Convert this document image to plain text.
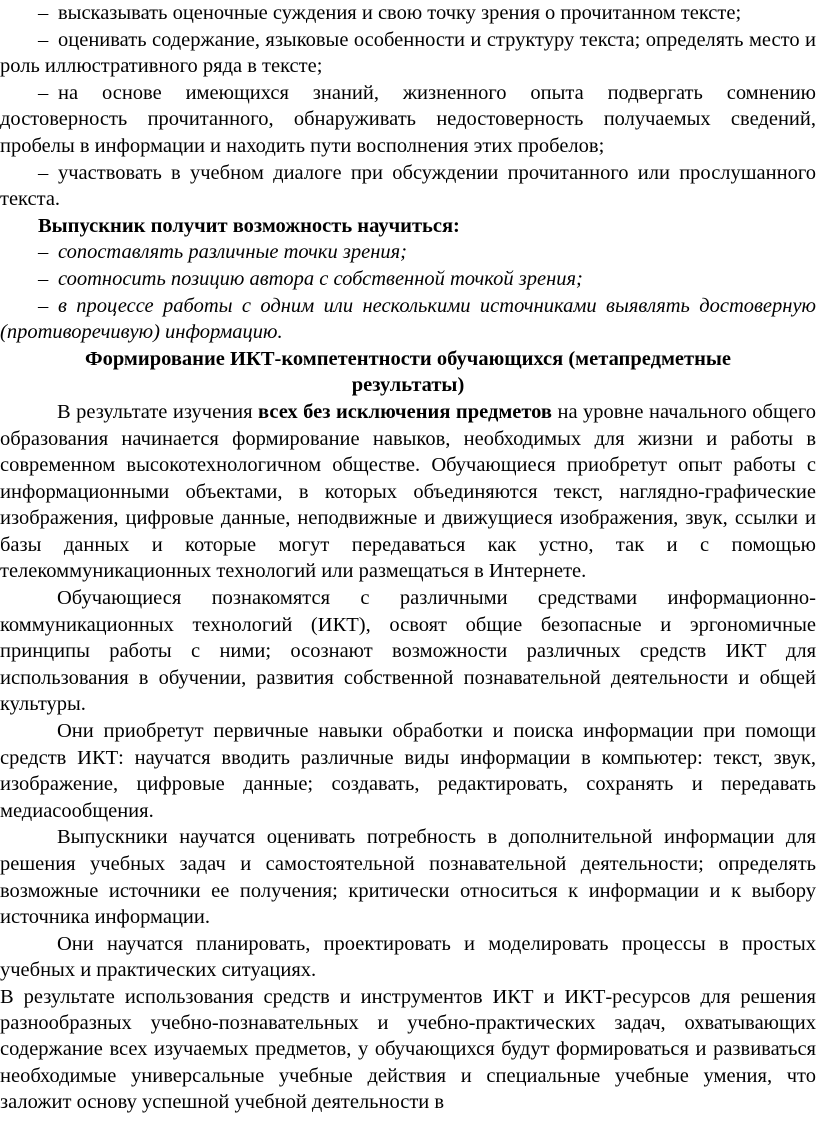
– высказывать оценочные суждения и свою точку зрения о прочитанном тексте;

– оценивать содержание, языковые особенности и структуру текста; определять место и роль иллюстративного ряда в тексте;

– на основе имеющихся знаний, жизненного опыта подвергать сомнению достоверность прочитанного, обнаруживать недостоверность получаемых сведений, пробелы в информации и находить пути восполнения этих пробелов;

– участвовать в учебном диалоге при обсуждении прочитанного или прослушанного текста.

Выпускник получит возможность научиться:

– сопоставлять различные точки зрения;

– соотносить позицию автора с собственной точкой зрения;

– в процессе работы с одним или несколькими источниками выявлять достоверную (противоречивую) информацию.

Формирование ИКТ-компетентности обучающихся (метапредметные результаты)

В результате изучения всех без исключения предметов на уровне начального общего образования начинается формирование навыков, необходимых для жизни и работы в современном высокотехнологичном обществе. Обучающиеся приобретут опыт работы с информационными объектами, в которых объединяются текст, наглядно-графические изображения, цифровые данные, неподвижные и движущиеся изображения, звук, ссылки и базы данных и которые могут передаваться как устно, так и с помощью телекоммуникационных технологий или размещаться в Интернете.

Обучающиеся познакомятся с различными средствами информационно-коммуникационных технологий (ИКТ), освоят общие безопасные и эргономичные принципы работы с ними; осознают возможности различных средств ИКТ для использования в обучении, развития собственной познавательной деятельности и общей культуры.

Они приобретут первичные навыки обработки и поиска информации при помощи средств ИКТ: научатся вводить различные виды информации в компьютер: текст, звук, изображение, цифровые данные; создавать, редактировать, сохранять и передавать медиасообщения.

Выпускники научатся оценивать потребность в дополнительной информации для решения учебных задач и самостоятельной познавательной деятельности; определять возможные источники ее получения; критически относиться к информации и к выбору источника информации.

Они научатся планировать, проектировать и моделировать процессы в простых учебных и практических ситуациях.

В результате использования средств и инструментов ИКТ и ИКТ-ресурсов для решения разнообразных учебно-познавательных и учебно-практических задач, охватывающих содержание всех изучаемых предметов, у обучающихся будут формироваться и развиваться необходимые универсальные учебные действия и специальные учебные умения, что заложит основу успешной учебной деятельности в
